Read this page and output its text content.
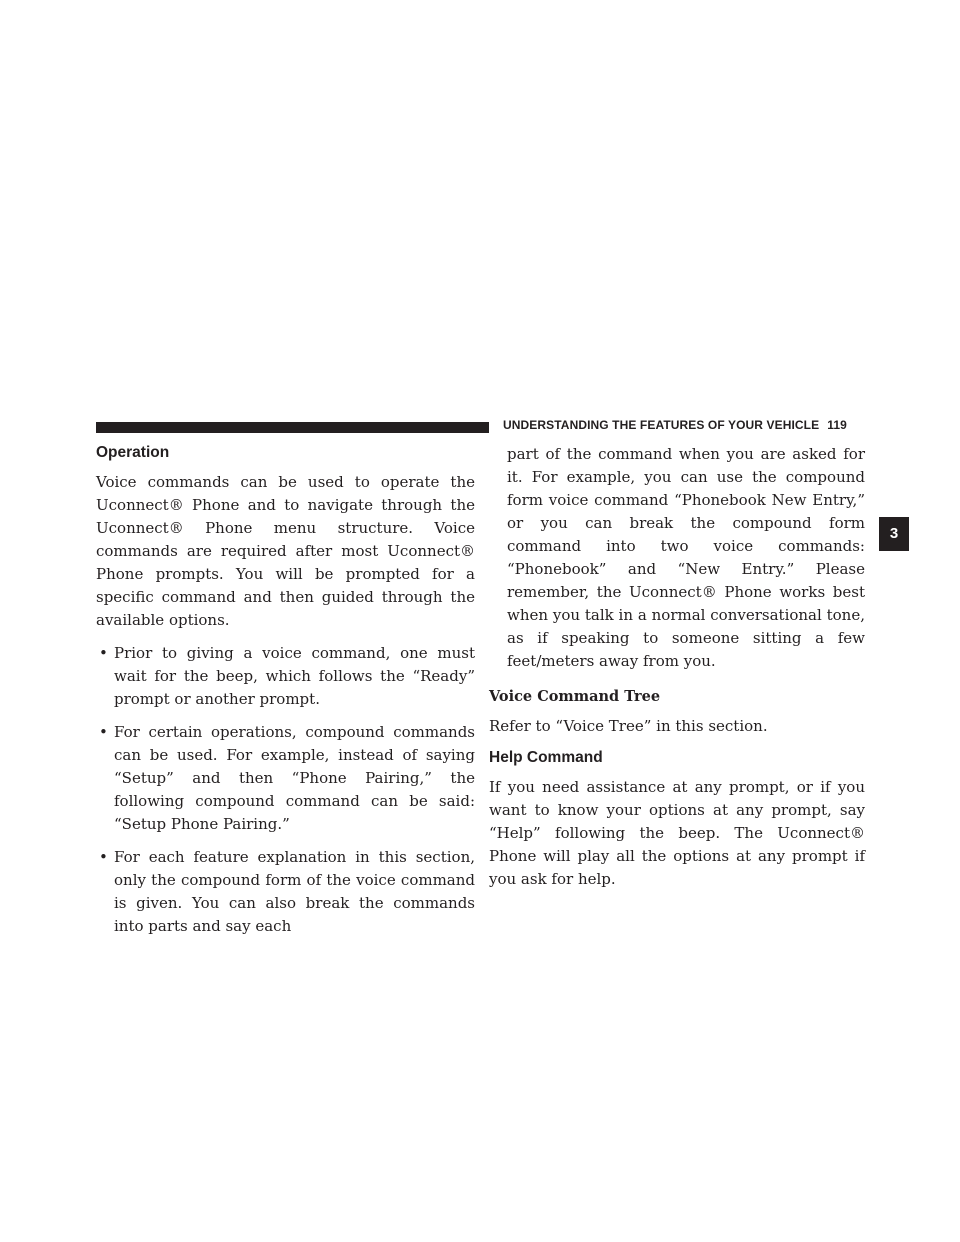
UNDERSTANDING THE FEATURES OF YOUR VEHICLE 119
3
Operation

Voice commands can be used to operate the Uconnect® Phone and to navigate through the Uconnect® Phone menu structure. Voice commands are required after most Uconnect® Phone prompts. You will be prompted for a specific command and then guided through the available options.

• Prior to giving a voice command, one must wait for the beep, which follows the “Ready” prompt or another prompt.
• For certain operations, compound commands can be used. For example, instead of saying “Setup” and then “Phone Pairing,” the following compound command can be said: “Setup Phone Pairing.”
• For each feature explanation in this section, only the compound form of the voice command is given. You can also break the commands into parts and say each

part of the command when you are asked for it. For example, you can use the compound form voice command “Phonebook New Entry,” or you can break the compound form command into two voice commands: “Phonebook” and “New Entry.” Please remember, the Uconnect® Phone works best when you talk in a normal conversational tone, as if speaking to someone sitting a few feet/meters away from you.

Voice Command Tree

Refer to “Voice Tree” in this section.

Help Command

If you need assistance at any prompt, or if you want to know your options at any prompt, say “Help” following the beep. The Uconnect® Phone will play all the options at any prompt if you ask for help.
